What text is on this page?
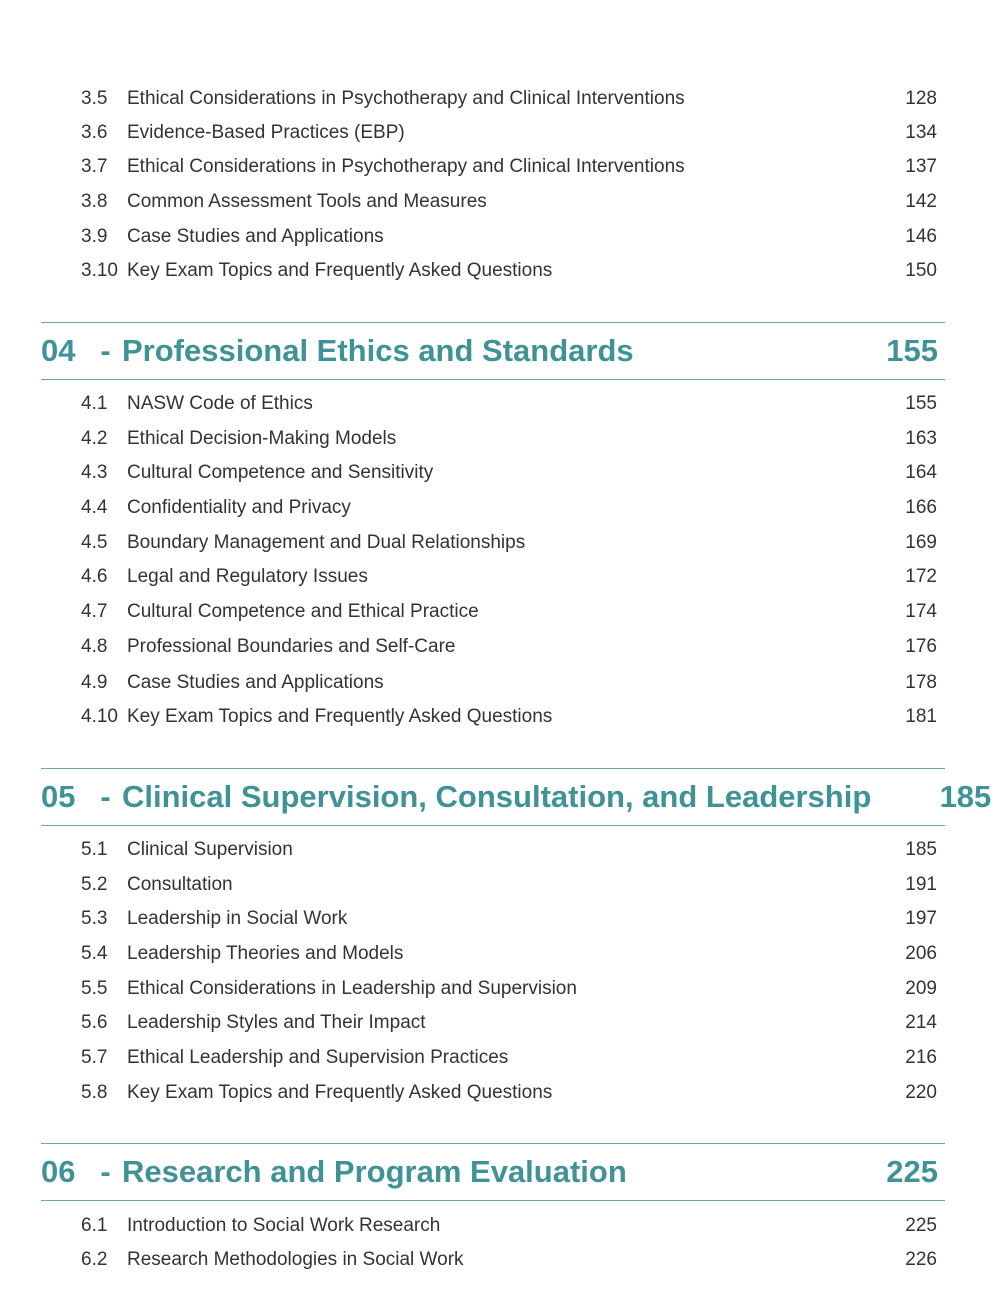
3.5	Ethical Considerations in Psychotherapy and Clinical Interventions	128
3.6	Evidence-Based Practices (EBP)	134
3.7	Ethical Considerations in Psychotherapy and Clinical Interventions	137
3.8	Common Assessment Tools and Measures	142
3.9	Case Studies and Applications	146
3.10 Key Exam Topics and Frequently Asked Questions	150
04 - Professional Ethics and Standards	155
4.1	NASW Code of Ethics	155
4.2	Ethical Decision-Making Models	163
4.3	Cultural Competence and Sensitivity	164
4.4	Confidentiality and Privacy	166
4.5	Boundary Management and Dual Relationships	169
4.6	Legal and Regulatory Issues	172
4.7	Cultural Competence and Ethical Practice	174
4.8	Professional Boundaries and Self-Care	176
4.9	Case Studies and Applications	178
4.10 Key Exam Topics and Frequently Asked Questions	181
05 - Clinical Supervision, Consultation, and Leadership	185
5.1	Clinical Supervision	185
5.2	Consultation	191
5.3	Leadership in Social Work	197
5.4	Leadership Theories and Models	206
5.5	Ethical Considerations in Leadership and Supervision	209
5.6	Leadership Styles and Their Impact	214
5.7	Ethical Leadership and Supervision Practices	216
5.8	Key Exam Topics and Frequently Asked Questions	220
06 - Research and Program Evaluation	225
6.1	Introduction to Social Work Research	225
6.2	Research Methodologies in Social Work	226
